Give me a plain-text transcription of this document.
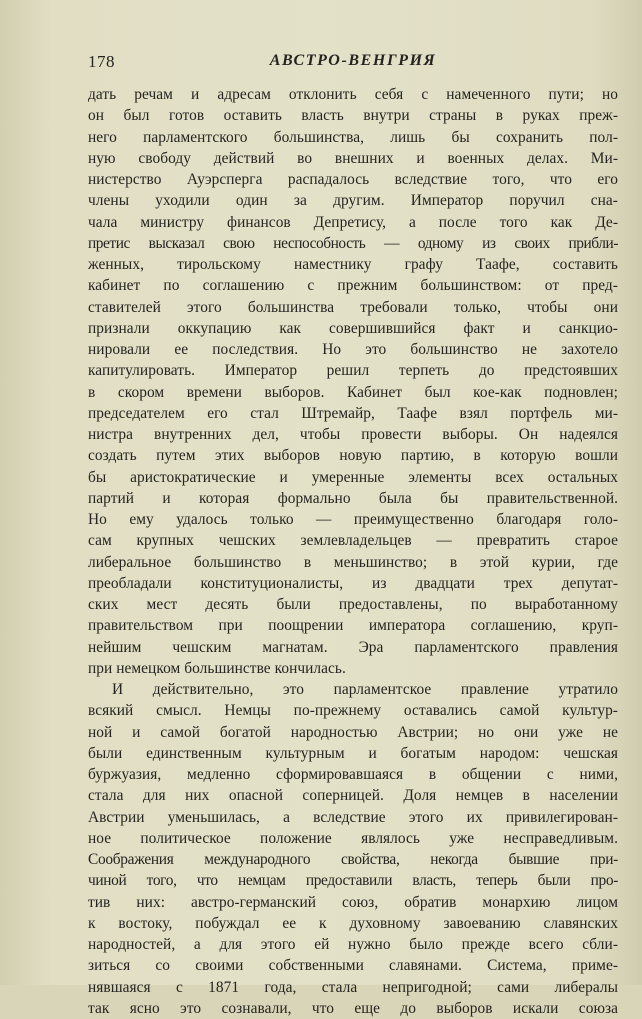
178	АВСТРО-ВЕНГРИЯ
дать речам и адресам отклонить себя с намеченного пути; но
он был готов оставить власть внутри страны в руках преж-
него парламентского большинства, лишь бы сохранить пол-
ную свободу действий во внешних и военных делах. Ми-
нистерство Ауэрсперга распадалось вследствие того, что его
члены уходили один за другим. Император поручил сна-
чала министру финансов Депретису, а после того как Де-
претис высказал свою неспособность — одному из своих прибли-
женных, тирольскому наместнику графу Таафе, составить
кабинет по соглашению с прежним большинством: от пред-
ставителей этого большинства требовали только, чтобы они
признали оккупацию как совершившийся факт и санкцио-
нировали ее последствия. Но это большинство не захотело
капитулировать. Император решил терпеть до предстоявших
в скором времени выборов. Кабинет был кое-как подновлен;
председателем его стал Штремайр, Таафе взял портфель ми-
нистра внутренних дел, чтобы провести выборы. Он надеялся
создать путем этих выборов новую партию, в которую вошли
бы аристократические и умеренные элементы всех остальных
партий и которая формально была бы правительственной.
Но ему удалось только — преимущественно благодаря голо-
сам крупных чешских землевладельцев — превратить старое
либеральное большинство в меньшинство; в этой курии, где
преобладали конституционалисты, из двадцати трех депутат-
ских мест десять были предоставлены, по выработанному
правительством при поощрении императора соглашению, круп-
нейшим чешским магнатам. Эра парламентского правления
при немецком большинстве кончилась.
И действительно, это парламентское правление утратило
всякий смысл. Немцы по-прежнему оставались самой культур-
ной и самой богатой народностью Австрии; но они уже не
были единственным культурным и богатым народом: чешская
буржуазия, медленно сформировавшаяся в общении с ними,
стала для них опасной соперницей. Доля немцев в населении
Австрии уменьшилась, а вследствие этого их привилегирован-
ное политическое положение являлось уже несправедливым.
Соображения международного свойства, некогда бывшие при-
чиной того, что немцам предоставили власть, теперь были про-
тив них: австро-германский союз, обратив монархию лицом
к востоку, побуждал ее к духовному завоеванию славянских
народностей, а для этого ей нужно было прежде всего сбли-
зиться со своими собственными славянами. Система, приме-
нявшаяся с 1871 года, стала непригодной; сами либералы
так ясно это сознавали, что еще до выборов искали союза
